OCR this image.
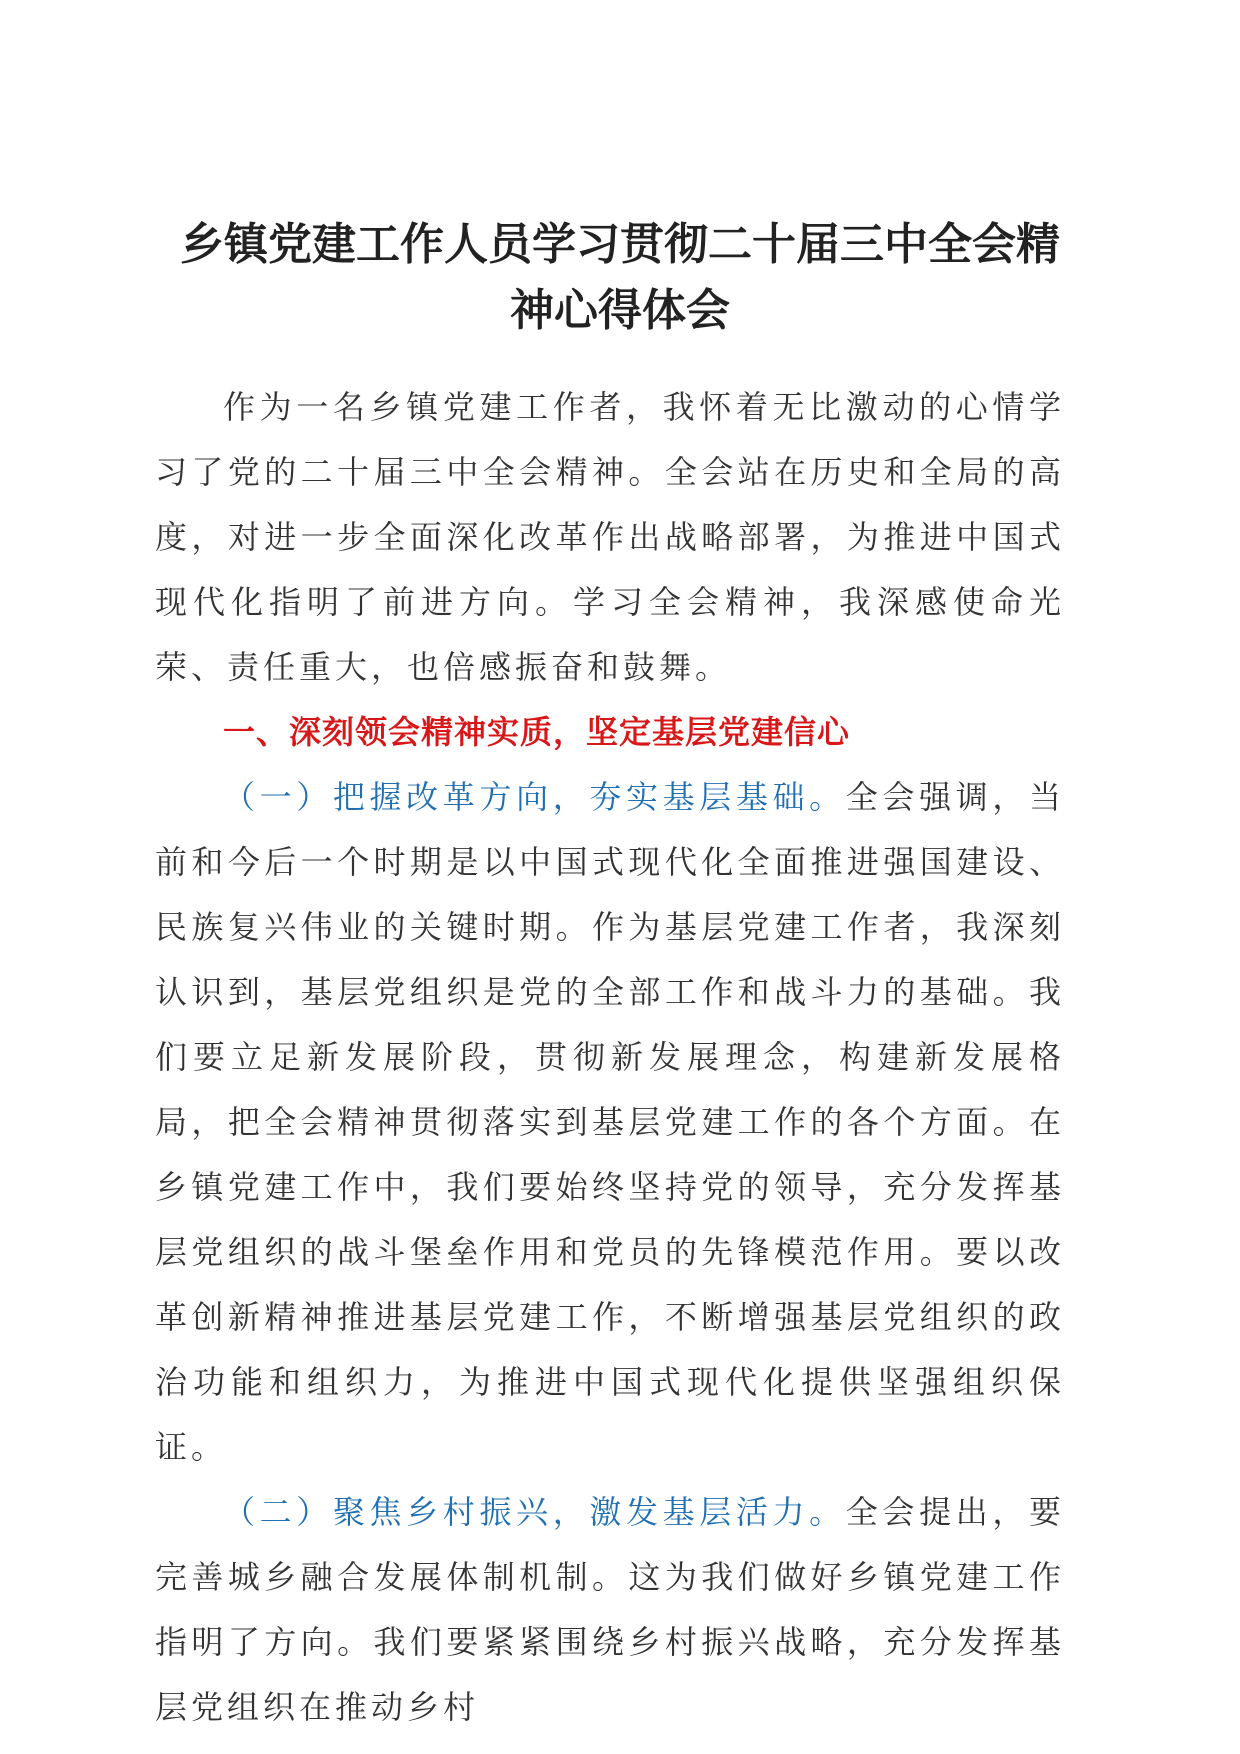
乡镇党建工作人员学习贯彻二十届三中全会精
神心得体会

作为一名乡镇党建工作者，我怀着无比激动的心情学习了党的二十届三中全会精神。全会站在历史和全局的高度，对进一步全面深化改革作出战略部署，为推进中国式现代化指明了前进方向。学习全会精神，我深感使命光荣、责任重大，也倍感振奋和鼓舞。

一、深刻领会精神实质，坚定基层党建信心

（一）把握改革方向，夯实基层基础。全会强调，当前和今后一个时期是以中国式现代化全面推进强国建设、民族复兴伟业的关键时期。作为基层党建工作者，我深刻认识到，基层党组织是党的全部工作和战斗力的基础。我们要立足新发展阶段，贯彻新发展理念，构建新发展格局，把全会精神贯彻落实到基层党建工作的各个方面。在乡镇党建工作中，我们要始终坚持党的领导，充分发挥基层党组织的战斗堡垒作用和党员的先锋模范作用。要以改革创新精神推进基层党建工作，不断增强基层党组织的政治功能和组织力，为推进中国式现代化提供坚强组织保证。

（二）聚焦乡村振兴，激发基层活力。全会提出，要完善城乡融合发展体制机制。这为我们做好乡镇党建工作指明了方向。我们要紧紧围绕乡村振兴战略，充分发挥基层党组织在推动乡村
